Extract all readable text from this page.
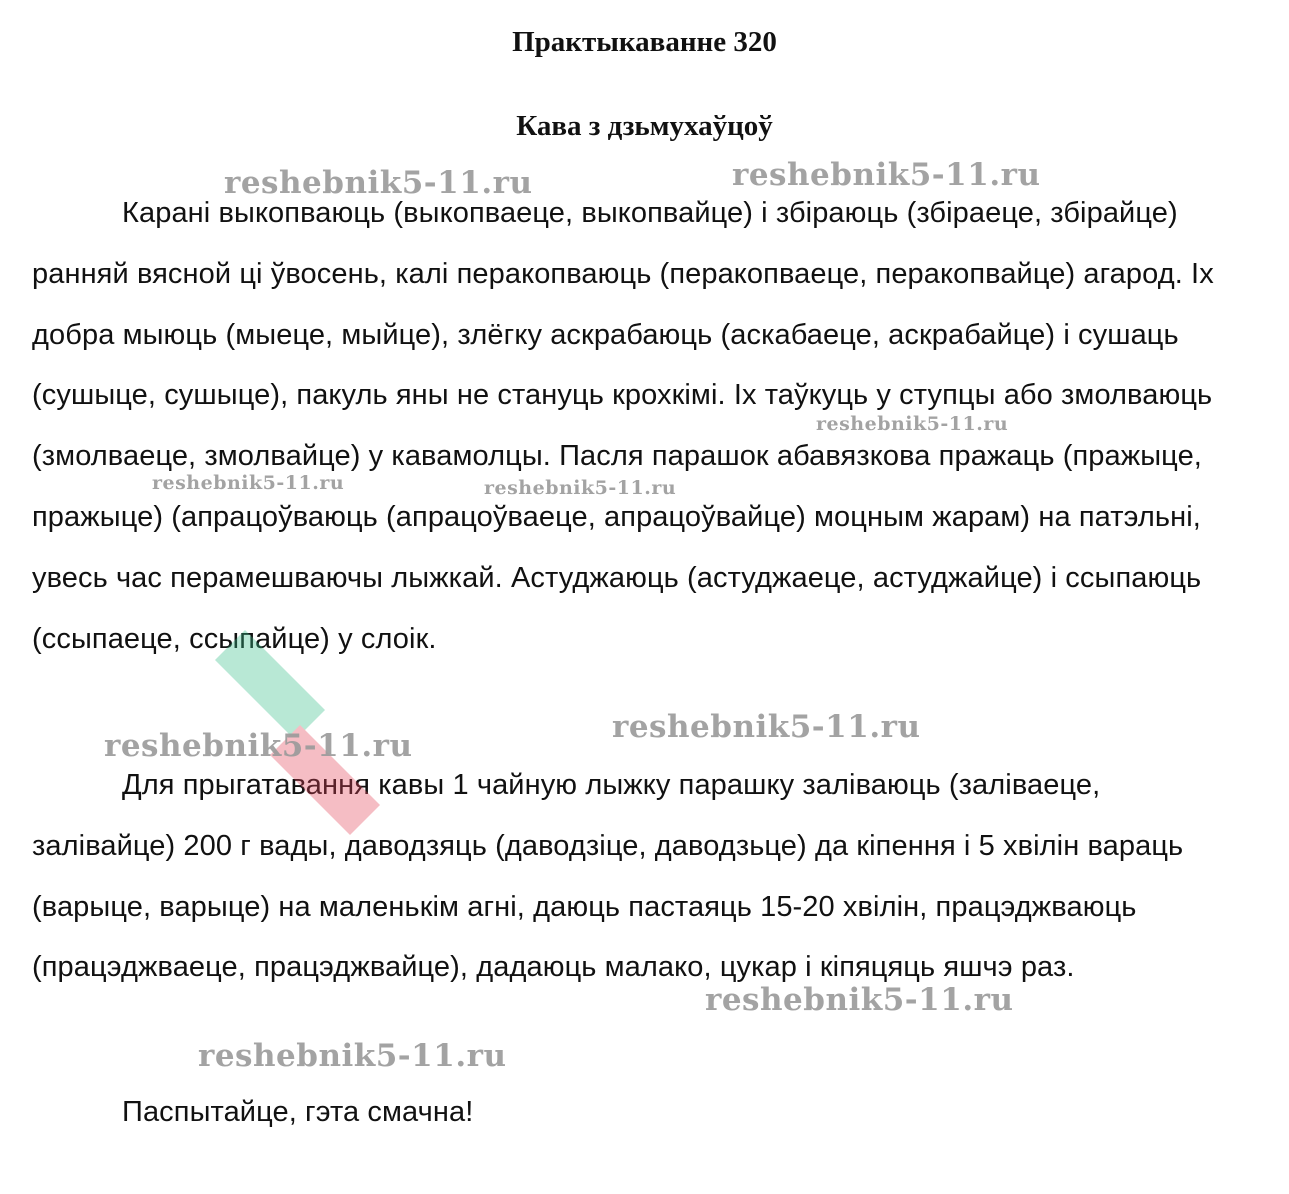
Практыкаванне 320
Кава з дзьмухаўцоў

Карані выкопваюць (выкопваеце, выкопвайце) і збіраюць (збіраеце, збірайце) ранняй вясной ці ўвосень, калі перакопваюць (перакопваеце, перакопвайце) агарод. Іх добра мыюць (мыеце, мыйце), злёгку аскрабаюць (аскабаеце, аскрабайце) і сушаць (сушыце, сушыце), пакуль яны не стануць крохкімі. Іх таўкуць у ступцы або змолваюць (змолваеце, змолвайце) у кавамолцы. Пасля парашок абавязкова пражаць (пражыце, пражыце) (апрацоўваюць (апрацоўваеце, апрацоўвайце) моцным жарам) на патэльні, увесь час перамешваючы лыжкай. Астуджаюць (астуджаеце, астуджайце) і ссыпаюць (ссыпаеце, ссыпайце) у слоік.

Для прыгатавання кавы 1 чайную лыжку парашку заліваюць (заліваеце, залівайце) 200 г вады, даводзяць (даводзіце, даводзьце) да кіпення і 5 хвілін вараць (варыце, варыце) на маленькім агні, даюць пастаяць 15-20 хвілін, працэджваюць (працэджваеце, працэджвайце), дадаюць малако, цукар і кіпяцяць яшчэ раз.

Паспытайце, гэта смачна!

reshebnik5-11.ru	reshebnik5-11.ru
reshebnik5-11.ru
reshebnik5-11.ru	reshebnik5-11.ru
reshebnik5-11.ru
reshebnik5-11.ru
reshebnik5-11.ru
reshebnik5-11.ru
